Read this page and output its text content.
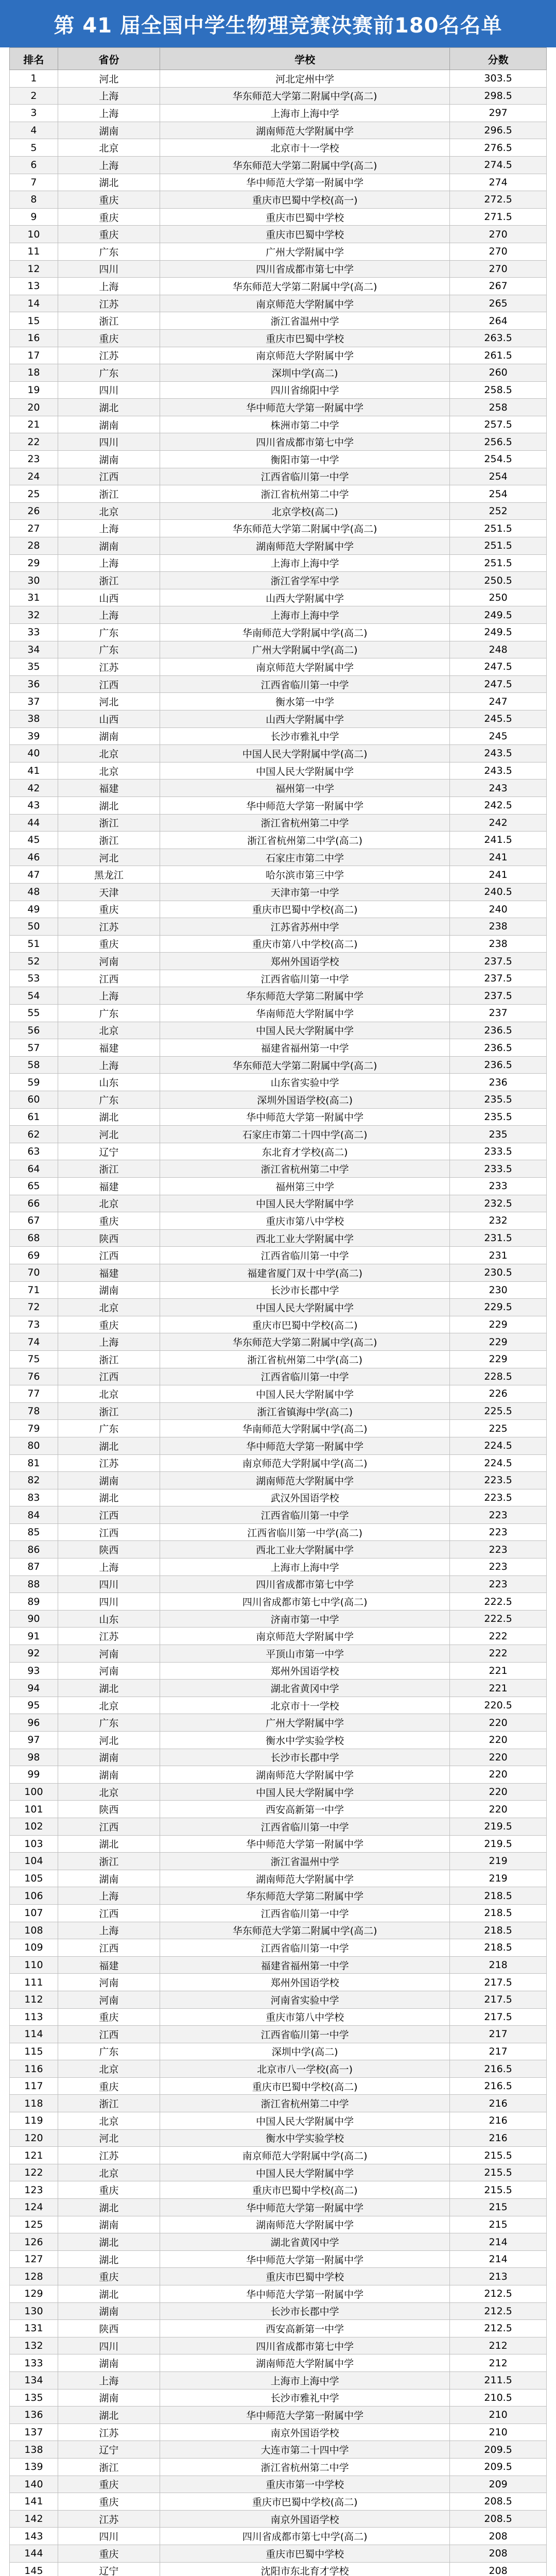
第 41 届全国中学生物理竞赛决赛前180名名单
排名	省份	学校	分数
1	河北	河北定州中学	303.5
2	上海	华东师范大学第二附属中学(高二)	298.5
3	上海	上海市上海中学	297
4	湖南	湖南师范大学附属中学	296.5
5	北京	北京市十一学校	276.5
6	上海	华东师范大学第二附属中学(高二)	274.5
7	湖北	华中师范大学第一附属中学	274
8	重庆	重庆市巴蜀中学校(高一)	272.5
9	重庆	重庆市巴蜀中学校	271.5
10	重庆	重庆市巴蜀中学校	270
11	广东	广州大学附属中学	270
12	四川	四川省成都市第七中学	270
13	上海	华东师范大学第二附属中学(高二)	267
14	江苏	南京师范大学附属中学	265
15	浙江	浙江省温州中学	264
16	重庆	重庆市巴蜀中学校	263.5
17	江苏	南京师范大学附属中学	261.5
18	广东	深圳中学(高二)	260
19	四川	四川省绵阳中学	258.5
20	湖北	华中师范大学第一附属中学	258
21	湖南	株洲市第二中学	257.5
22	四川	四川省成都市第七中学	256.5
23	湖南	衡阳市第一中学	254.5
24	江西	江西省临川第一中学	254
25	浙江	浙江省杭州第二中学	254
26	北京	北京学校(高二)	252
27	上海	华东师范大学第二附属中学(高二)	251.5
28	湖南	湖南师范大学附属中学	251.5
29	上海	上海市上海中学	251.5
30	浙江	浙江省学军中学	250.5
31	山西	山西大学附属中学	250
32	上海	上海市上海中学	249.5
33	广东	华南师范大学附属中学(高二)	249.5
34	广东	广州大学附属中学(高二)	248
35	江苏	南京师范大学附属中学	247.5
36	江西	江西省临川第一中学	247.5
37	河北	衡水第一中学	247
38	山西	山西大学附属中学	245.5
39	湖南	长沙市雅礼中学	245
40	北京	中国人民大学附属中学(高二)	243.5
41	北京	中国人民大学附属中学	243.5
42	福建	福州第一中学	243
43	湖北	华中师范大学第一附属中学	242.5
44	浙江	浙江省杭州第二中学	242
45	浙江	浙江省杭州第二中学(高二)	241.5
46	河北	石家庄市第二中学	241
47	黑龙江	哈尔滨市第三中学	241
48	天津	天津市第一中学	240.5
49	重庆	重庆市巴蜀中学校(高二)	240
50	江苏	江苏省苏州中学	238
51	重庆	重庆市第八中学校(高二)	238
52	河南	郑州外国语学校	237.5
53	江西	江西省临川第一中学	237.5
54	上海	华东师范大学第二附属中学	237.5
55	广东	华南师范大学附属中学	237
56	北京	中国人民大学附属中学	236.5
57	福建	福建省福州第一中学	236.5
58	上海	华东师范大学第二附属中学(高二)	236.5
59	山东	山东省实验中学	236
60	广东	深圳外国语学校(高二)	235.5
61	湖北	华中师范大学第一附属中学	235.5
62	河北	石家庄市第二十四中学(高二)	235
63	辽宁	东北育才学校(高二)	233.5
64	浙江	浙江省杭州第二中学	233.5
65	福建	福州第三中学	233
66	北京	中国人民大学附属中学	232.5
67	重庆	重庆市第八中学校	232
68	陕西	西北工业大学附属中学	231.5
69	江西	江西省临川第一中学	231
70	福建	福建省厦门双十中学(高二)	230.5
71	湖南	长沙市长郡中学	230
72	北京	中国人民大学附属中学	229.5
73	重庆	重庆市巴蜀中学校(高二)	229
74	上海	华东师范大学第二附属中学(高二)	229
75	浙江	浙江省杭州第二中学(高二)	229
76	江西	江西省临川第一中学	228.5
77	北京	中国人民大学附属中学	226
78	浙江	浙江省镇海中学(高二)	225.5
79	广东	华南师范大学附属中学(高二)	225
80	湖北	华中师范大学第一附属中学	224.5
81	江苏	南京师范大学附属中学(高二)	224.5
82	湖南	湖南师范大学附属中学	223.5
83	湖北	武汉外国语学校	223.5
84	江西	江西省临川第一中学	223
85	江西	江西省临川第一中学(高二)	223
86	陕西	西北工业大学附属中学	223
87	上海	上海市上海中学	223
88	四川	四川省成都市第七中学	223
89	四川	四川省成都市第七中学(高二)	222.5
90	山东	济南市第一中学	222.5
91	江苏	南京师范大学附属中学	222
92	河南	平顶山市第一中学	222
93	河南	郑州外国语学校	221
94	湖北	湖北省黄冈中学	221
95	北京	北京市十一学校	220.5
96	广东	广州大学附属中学	220
97	河北	衡水中学实验学校	220
98	湖南	长沙市长郡中学	220
99	湖南	湖南师范大学附属中学	220
100	北京	中国人民大学附属中学	220
101	陕西	西安高新第一中学	220
102	江西	江西省临川第一中学	219.5
103	湖北	华中师范大学第一附属中学	219.5
104	浙江	浙江省温州中学	219
105	湖南	湖南师范大学附属中学	219
106	上海	华东师范大学第二附属中学	218.5
107	江西	江西省临川第一中学	218.5
108	上海	华东师范大学第二附属中学(高二)	218.5
109	江西	江西省临川第一中学	218.5
110	福建	福建省福州第一中学	218
111	河南	郑州外国语学校	217.5
112	河南	河南省实验中学	217.5
113	重庆	重庆市第八中学校	217.5
114	江西	江西省临川第一中学	217
115	广东	深圳中学(高二)	217
116	北京	北京市八一学校(高一)	216.5
117	重庆	重庆市巴蜀中学校(高二)	216.5
118	浙江	浙江省杭州第二中学	216
119	北京	中国人民大学附属中学	216
120	河北	衡水中学实验学校	216
121	江苏	南京师范大学附属中学(高二)	215.5
122	北京	中国人民大学附属中学	215.5
123	重庆	重庆市巴蜀中学校(高二)	215.5
124	湖北	华中师范大学第一附属中学	215
125	湖南	湖南师范大学附属中学	215
126	湖北	湖北省黄冈中学	214
127	湖北	华中师范大学第一附属中学	214
128	重庆	重庆市巴蜀中学校	213
129	湖北	华中师范大学第一附属中学	212.5
130	湖南	长沙市长郡中学	212.5
131	陕西	西安高新第一中学	212.5
132	四川	四川省成都市第七中学	212
133	湖南	湖南师范大学附属中学	212
134	上海	上海市上海中学	211.5
135	湖南	长沙市雅礼中学	210.5
136	湖北	华中师范大学第一附属中学	210
137	江苏	南京外国语学校	210
138	辽宁	大连市第二十四中学	209.5
139	浙江	浙江省杭州第二中学	209.5
140	重庆	重庆市第一中学校	209
141	重庆	重庆市巴蜀中学校(高二)	208.5
142	江苏	南京外国语学校	208.5
143	四川	四川省成都市第七中学(高二)	208
144	重庆	重庆市巴蜀中学校	208
145	辽宁	沈阳市东北育才学校	208
